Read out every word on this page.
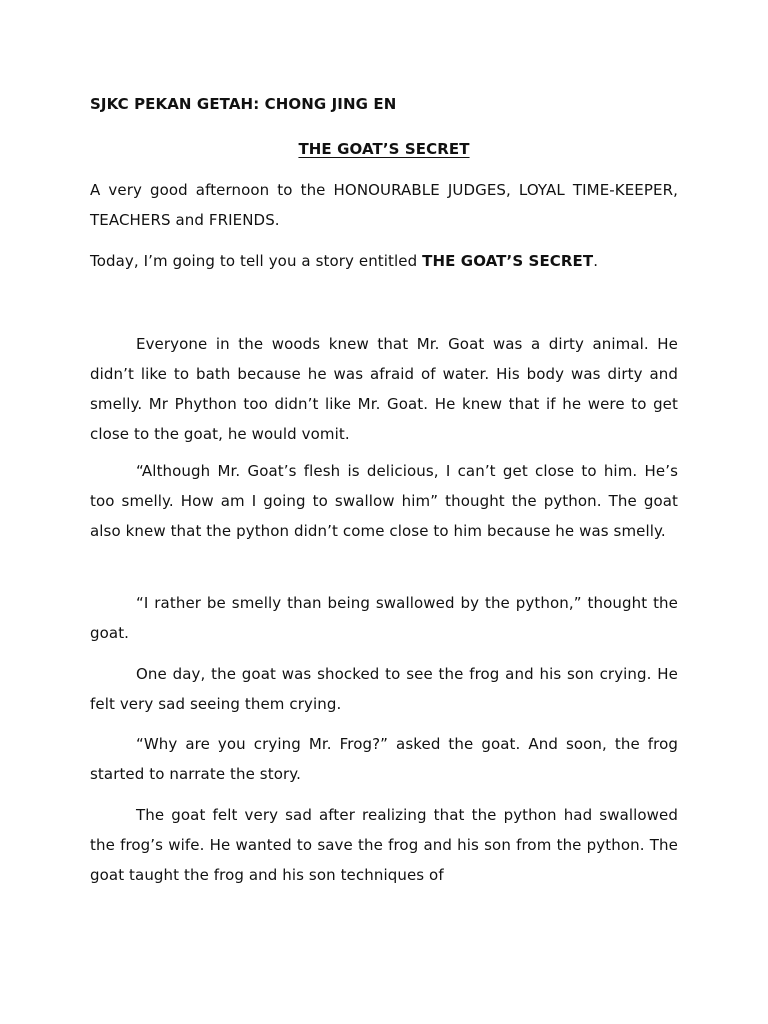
SJKC PEKAN GETAH: CHONG JING EN
THE GOAT’S SECRET
A very good afternoon to the HONOURABLE JUDGES, LOYAL TIME-KEEPER, TEACHERS and FRIENDS.
Today, I’m going to tell you a story entitled THE GOAT’S SECRET.
Everyone in the woods knew that Mr. Goat was a dirty animal. He didn’t like to bath because he was afraid of water. His body was dirty and smelly. Mr Phython too didn’t like Mr. Goat. He knew that if he were to get close to the goat, he would vomit.
“Although Mr. Goat’s flesh is delicious, I can’t get close to him. He’s too smelly. How am I going to swallow him” thought the python. The goat also knew that the python didn’t come close to him because he was smelly.
“I rather be smelly than being swallowed by the python,” thought the goat.
One day, the goat was shocked to see the frog and his son crying. He felt very sad seeing them crying.
“Why are you crying Mr. Frog?” asked the goat. And soon, the frog started to narrate the story.
The goat felt very sad after realizing that the python had swallowed the frog’s wife. He wanted to save the frog and his son from the python. The goat taught the frog and his son techniques of
